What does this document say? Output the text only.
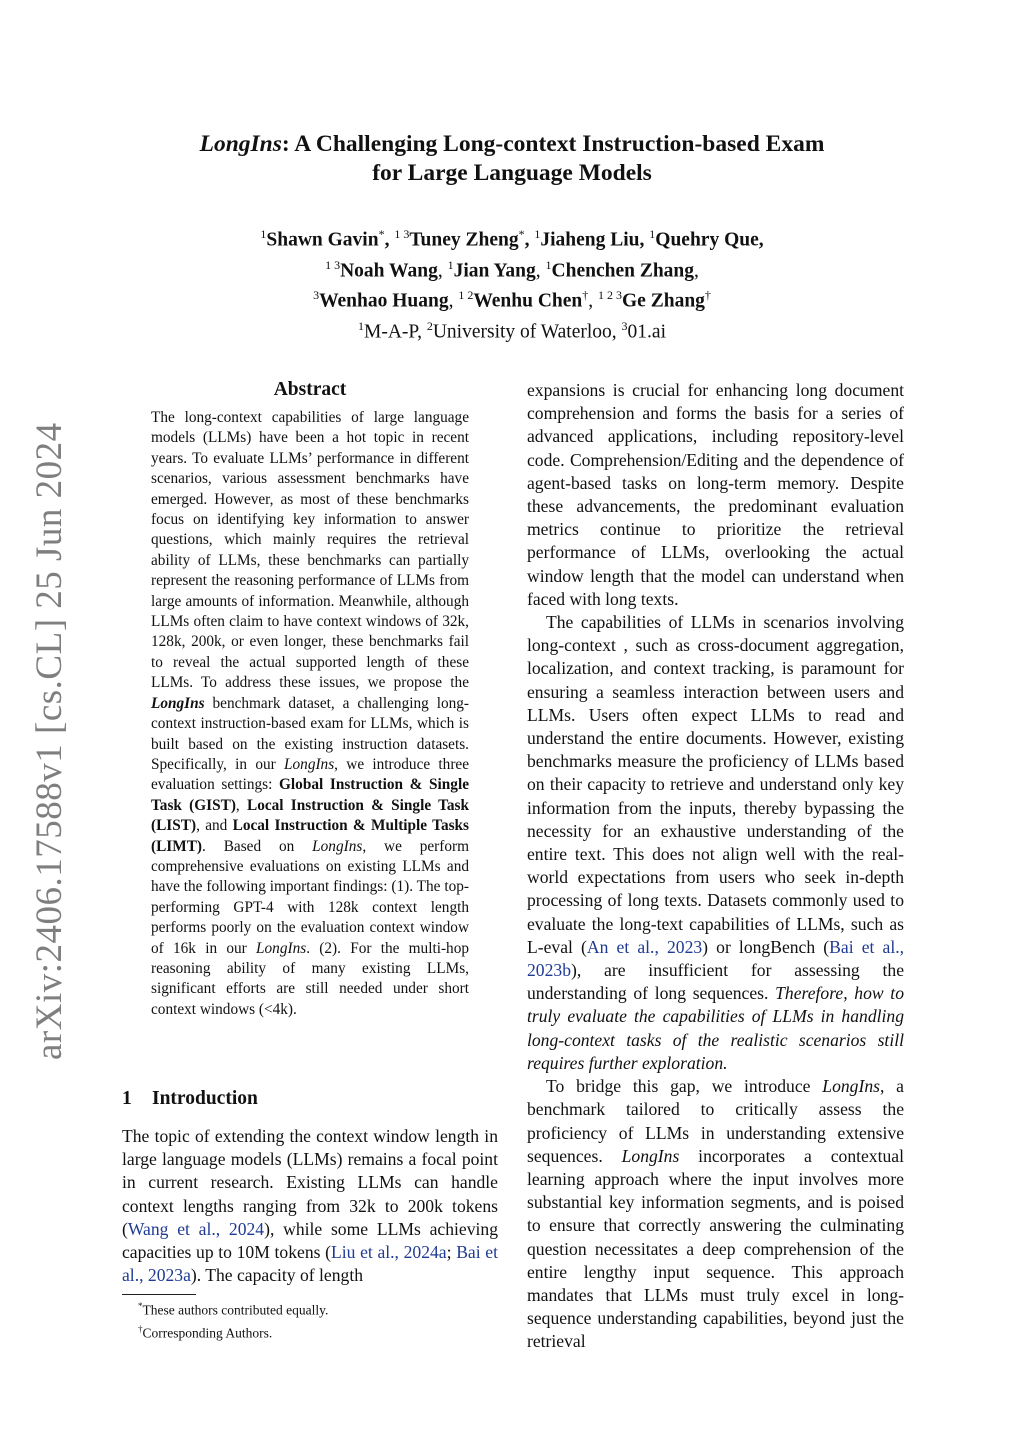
arXiv:2406.17588v1 [cs.CL] 25 Jun 2024
LongIns: A Challenging Long-context Instruction-based Exam
for Large Language Models
$^1$Shawn Gavin*, $^{1 3}$Tuney Zheng*, $^1$Jiaheng Liu, $^1$Quehry Que,
$^{1 3}$Noah Wang, $^1$Jian Yang, $^1$Chenchen Zhang,
$^3$Wenhao Huang, $^{1 2}$Wenhu Chen†, $^{1 2 3}$Ge Zhang†
$^1$M-A-P, $^2$University of Waterloo, $^3$01.ai
Abstract
The long-context capabilities of large language models (LLMs) have been a hot topic in recent years. To evaluate LLMs’ performance in different scenarios, various assessment benchmarks have emerged. However, as most of these benchmarks focus on identifying key information to answer questions, which mainly requires the retrieval ability of LLMs, these benchmarks can partially represent the reasoning performance of LLMs from large amounts of information. Meanwhile, although LLMs often claim to have context windows of 32k, 128k, 200k, or even longer, these benchmarks fail to reveal the actual supported length of these LLMs. To address these issues, we propose the LongIns benchmark dataset, a challenging long-context instruction-based exam for LLMs, which is built based on the existing instruction datasets. Specifically, in our LongIns, we introduce three evaluation settings: Global Instruction & Single Task (GIST), Local Instruction & Single Task (LIST), and Local Instruction & Multiple Tasks (LIMT). Based on LongIns, we perform comprehensive evaluations on existing LLMs and have the following important findings: (1). The top-performing GPT-4 with 128k context length performs poorly on the evaluation context window of 16k in our LongIns. (2). For the multi-hop reasoning ability of many existing LLMs, significant efforts are still needed under short context windows (<4k).
1 Introduction

The topic of extending the context window length in large language models (LLMs) remains a focal point in current research. Existing LLMs can handle context lengths ranging from 32k to 200k tokens (Wang et al., 2024), while some LLMs achieving capacities up to 10M tokens (Liu et al., 2024a; Bai et al., 2023a). The capacity of length

*These authors contributed equally.
†Corresponding Authors.

expansions is crucial for enhancing long document comprehension and forms the basis for a series of advanced applications, including repository-level code. Comprehension/Editing and the dependence of agent-based tasks on long-term memory. Despite these advancements, the predominant evaluation metrics continue to prioritize the retrieval performance of LLMs, overlooking the actual window length that the model can understand when faced with long texts.

The capabilities of LLMs in scenarios involving long-context , such as cross-document aggregation, localization, and context tracking, is paramount for ensuring a seamless interaction between users and LLMs. Users often expect LLMs to read and understand the entire documents. However, existing benchmarks measure the proficiency of LLMs based on their capacity to retrieve and understand only key information from the inputs, thereby bypassing the necessity for an exhaustive understanding of the entire text. This does not align well with the real-world expectations from users who seek in-depth processing of long texts. Datasets commonly used to evaluate the long-text capabilities of LLMs, such as L-eval (An et al., 2023) or longBench (Bai et al., 2023b), are insufficient for assessing the understanding of long sequences. Therefore, how to truly evaluate the capabilities of LLMs in handling long-context tasks of the realistic scenarios still requires further exploration.

To bridge this gap, we introduce LongIns, a benchmark tailored to critically assess the proficiency of LLMs in understanding extensive sequences. LongIns incorporates a contextual learning approach where the input involves more substantial key information segments, and is poised to ensure that correctly answering the culminating question necessitates a deep comprehension of the entire lengthy input sequence. This approach mandates that LLMs must truly excel in long-sequence understanding capabilities, beyond just the retrieval
